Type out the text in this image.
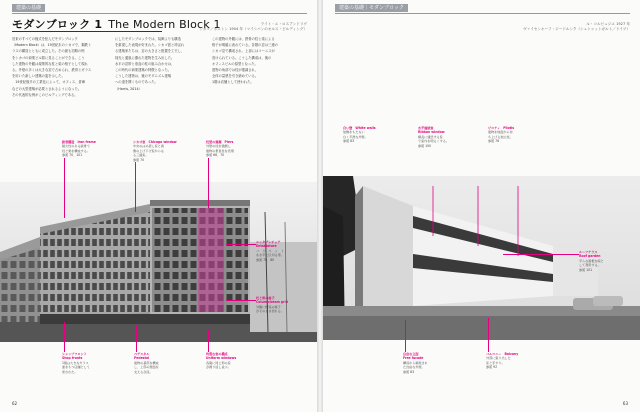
建築の基礎
モダンブロック 1 The Modern Block 1	ライト・エ・ロスアンドリグ
シカゴ／ボストン 1904 年（マイシパンのオルス・ビルディング）
旧来のすべての様式を拒んだモダンブロック
（Modern Block）は、19世紀末のシカゴで、鋼鉄ト
ラスの構造とともに成立した。その最も初期の例
をシカゴの商業ビル群に見ることができる。こう
した建物の外観は規則的な柱と梁の格子として現れ
る。外壁の多くは大きな窓で占められ、鉄骨とガラス
を用いた新しい建築の姿を示した。
　19世紀後半の工業化によって、オフィス、倉庫
などの大型建築が必要とされるようになった。
その代表的な例がこのビルディングである。
にしたモダンブロックでは、装飾よりも構造
を重視した表現が好まれた。シカゴ派と呼ばれ
る建築家たちは、窓の大きさと配置を工夫し、
採光と通風に優れた建物を生み出した。
水平の窓帯と垂直の柱の組み合わせは、
この時代の商業建築の特徴となった。
こうした建物は、後のモダニズム建築
への道を開くものであった。
（Harris, 2014）
この建物の外観には、鉄骨の柱と梁による
格子が明確に表れている。各階の窓は三連の
シカゴ窓で構成され、上部にはコーニスが
設けられている。こうした構成は、後の
オフィスビルの原型となった。
建物の角部では柱が強調され、
全体の量感を引き締めている。
1階は店舗として使われた。
鉄骨構造　Iron frame
耐火性のある鉄骨で
柱と梁を構成する。
参照 70、101
シカゴ窓　Chicago window
中央のはめ殺し窓と両
側の上げ下げ窓からな
る三連窓。
参照 70
柱型の強調　Piers
外壁の柱を強調し
建物の垂直性を表現
参照 66、70
エンタブレチュア
Entablature
パ　ラ　ペ　ッ　ト
を水平に区切る帯。
参照 70、80
柱と梁の格子
Column/beam grid
外観に構造の格子
がそのまま表れる。
ショップフロント
Shop fronts
1階は大きなガラス
面をもつ店舗として
使われた。
ペデスタル
Pedestal
建物の基部を構成
し、上部の壁面を
支える台座。
均質な窓の構成
Uniform windows
各階に同じ形の窓
が繰り返し並ぶ。
62
建築の基礎｜モダンブロック
ル・コルビュジエ 1927 年
ヴァイセンホーフ・ジードルンク（シュトゥットガルト／ドイツ）
白い壁　White walls
装飾をもたない
白く平滑な外壁。
参照 83
水平連続窓
Ribbon window
横長に連続する窓
で室内を明るくする。
参照 100
ピロティ　Pilotis
建物を地面から持
ち上げる独立柱。
参照 76
ルーフテラス
Roof garden
平らな屋根を庭と
して利用する。
参照 101
自由な立面
Free facade
構造から解放され
た自由な外壁。
参照 83
バルコニー　Balcony
外部に張り出した
床と手すり。
参照 92
63
